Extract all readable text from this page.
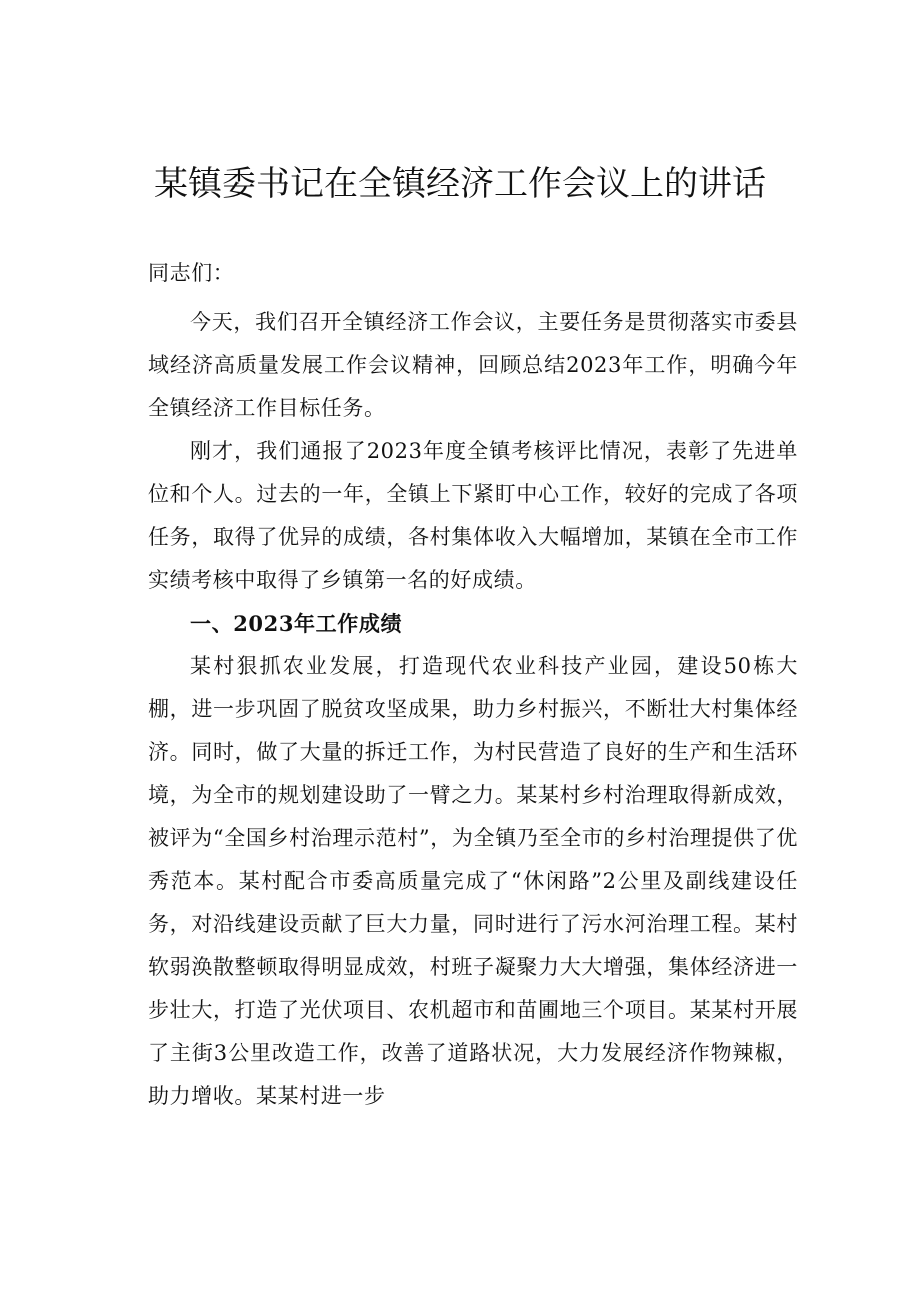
某镇委书记在全镇经济工作会议上的讲话

同志们：

今天，我们召开全镇经济工作会议，主要任务是贯彻落实市委县域经济高质量发展工作会议精神，回顾总结2023年工作，明确今年全镇经济工作目标任务。

刚才，我们通报了2023年度全镇考核评比情况，表彰了先进单位和个人。过去的一年，全镇上下紧盯中心工作，较好的完成了各项任务，取得了优异的成绩，各村集体收入大幅增加，某镇在全市工作实绩考核中取得了乡镇第一名的好成绩。

一、2023年工作成绩

某村狠抓农业发展，打造现代农业科技产业园，建设50栋大棚，进一步巩固了脱贫攻坚成果，助力乡村振兴，不断壮大村集体经济。同时，做了大量的拆迁工作，为村民营造了良好的生产和生活环境，为全市的规划建设助了一臂之力。某某村乡村治理取得新成效，被评为“全国乡村治理示范村”，为全镇乃至全市的乡村治理提供了优秀范本。某村配合市委高质量完成了“休闲路”2公里及副线建设任务，对沿线建设贡献了巨大力量，同时进行了污水河治理工程。某村软弱涣散整顿取得明显成效，村班子凝聚力大大增强，集体经济进一步壮大，打造了光伏项目、农机超市和苗圃地三个项目。某某村开展了主街3公里改造工作，改善了道路状况，大力发展经济作物辣椒，助力增收。某某村进一步
